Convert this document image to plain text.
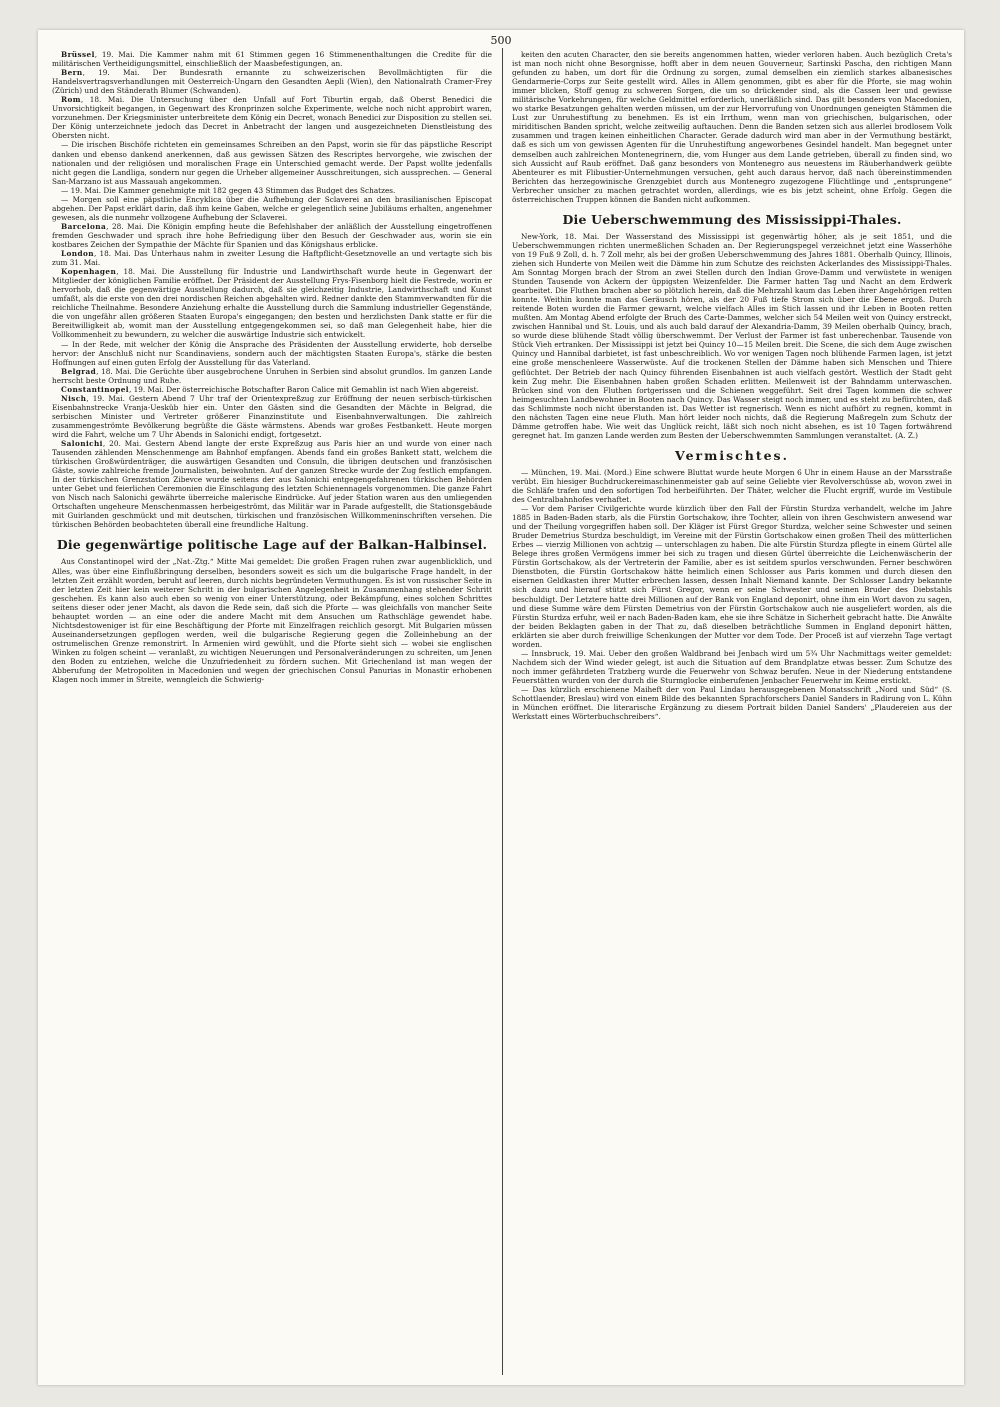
500

Brüssel, 19. Mai. Die Kammer nahm mit 61 Stimmen gegen 16 Stimmenenthaltungen die Credite für die militärischen Vertheidigungsmittel, einschließlich der Maasbefestigungen, an.

Bern, 19. Mai. Der Bundesrath ernannte zu schweizerischen Bevollmächtigten für die Handelsvertragsverhandlungen mit Oesterreich-Ungarn den Gesandten Aepli (Wien), den Nationalrath Cramer-Frey (Zürich) und den Ständerath Blumer (Schwanden).

Rom, 18. Mai. Die Untersuchung über den Unfall auf Fort Tiburtin ergab, daß Oberst Benedici die Unvorsichtigkeit begangen, in Gegenwart des Kronprinzen solche Experimente, welche noch nicht approbirt waren, vorzunehmen. Der Kriegsminister unterbreitete dem König ein Decret, wonach Benedici zur Disposition zu stellen sei. Der König unterzeichnete jedoch das Decret in Anbetracht der langen und ausgezeichneten Dienstleistung des Obersten nicht.

— Die irischen Bischöfe richteten ein gemeinsames Schreiben an den Papst, worin sie für das päpstliche Rescript danken und ebenso dankend anerkennen, daß aus gewissen Sätzen des Rescriptes hervorgehe, wie zwischen der nationalen und der religiösen und moralischen Frage ein Unterschied gemacht werde. Der Papst wollte jedenfalls nicht gegen die Landliga, sondern nur gegen die Urheber allgemeiner Ausschreitungen, sich aussprechen. — General San-Marzano ist aus Massauah angekommen.

— 19. Mai. Die Kammer genehmigte mit 182 gegen 43 Stimmen das Budget des Schatzes.

— Morgen soll eine päpstliche Encyklica über die Aufhebung der Sclaverei an den brasilianischen Episcopat abgehen. Der Papst erklärt darin, daß ihm keine Gaben, welche er gelegentlich seine Jubiläums erhalten, angenehmer gewesen, als die nunmehr vollzogene Aufhebung der Sclaverei.

Barcelona, 28. Mai. Die Königin empfing heute die Befehlshaber der anläßlich der Ausstellung eingetroffenen fremden Geschwader und sprach ihre hohe Befriedigung über den Besuch der Geschwader aus, worin sie ein kostbares Zeichen der Sympathie der Mächte für Spanien und das Königshaus erblicke.

London, 18. Mai. Das Unterhaus nahm in zweiter Lesung die Haftpflicht-Gesetznovelle an und vertagte sich bis zum 31. Mai.

Kopenhagen, 18. Mai. Die Ausstellung für Industrie und Landwirthschaft wurde heute in Gegenwart der Mitglieder der königlichen Familie eröffnet. Der Präsident der Ausstellung Frys-Fisenborg hielt die Festrede, worin er hervorhob, daß die gegenwärtige Ausstellung dadurch, daß sie gleichzeitig Industrie, Landwirthschaft und Kunst umfaßt, als die erste von den drei nordischen Reichen abgehalten wird. Redner dankte den Stammverwandten für die reichliche Theilnahme. Besondere Anziehung erhalte die Ausstellung durch die Sammlung industrieller Gegenstände, die von ungefähr allen größeren Staaten Europa's eingegangen; den besten und herzlichsten Dank statte er für die Bereitwilligkeit ab, womit man der Ausstellung entgegengekommen sei, so daß man Gelegenheit habe, hier die Vollkommenheit zu bewundern, zu welcher die auswärtige Industrie sich entwickelt.

— In der Rede, mit welcher der König die Ansprache des Präsidenten der Ausstellung erwiderte, hob derselbe hervor: der Anschluß nicht nur Scandinaviens, sondern auch der mächtigsten Staaten Europa's, stärke die besten Hoffnungen auf einen guten Erfolg der Ausstellung für das Vaterland.

Belgrad, 18. Mai. Die Gerüchte über ausgebrochene Unruhen in Serbien sind absolut grundlos. Im ganzen Lande herrscht beste Ordnung und Ruhe.

Constantinopel, 19. Mai. Der österreichische Botschafter Baron Calice mit Gemahlin ist nach Wien abgereist.

Nisch, 19. Mai. Gestern Abend 7 Uhr traf der Orientexpreßzug zur Eröffnung der neuen serbisch-türkischen Eisenbahnstrecke Vranja-Uesküb hier ein. Unter den Gästen sind die Gesandten der Mächte in Belgrad, die serbischen Minister und Vertreter größerer Finanzinstitute und Eisenbahnverwaltungen. Die zahlreich zusammengeströmte Bevölkerung begrüßte die Gäste wärmstens. Abends war großes Festbankett. Heute morgen wird die Fahrt, welche um 7 Uhr Abends in Salonichi endigt, fortgesetzt.

Salonichi, 20. Mai. Gestern Abend langte der erste Expreßzug aus Paris hier an und wurde von einer nach Tausenden zählenden Menschenmenge am Bahnhof empfangen. Abends fand ein großes Bankett statt, welchem die türkischen Großwürdenträger, die auswärtigen Gesandten und Consuln, die übrigen deutschen und französischen Gäste, sowie zahlreiche fremde Journalisten, beiwohnten. Auf der ganzen Strecke wurde der Zug festlich empfangen. In der türkischen Grenzstation Zibevce wurde seitens der aus Salonichi entgegengefahrenen türkischen Behörden unter Gebet und feierlichen Ceremonien die Einschlagung des letzten Schienennagels vorgenommen. Die ganze Fahrt von Nisch nach Salonichi gewährte überreiche malerische Eindrücke. Auf jeder Station waren aus den umliegenden Ortschaften ungeheure Menschenmassen herbeigeströmt, das Militär war in Parade aufgestellt, die Stationsgebäude mit Guirlanden geschmückt und mit deutschen, türkischen und französischen Willkommeninschriften versehen. Die türkischen Behörden beobachteten überall eine freundliche Haltung.

Die gegenwärtige politische Lage auf der Balkan-Halbinsel.

Aus Constantinopel wird der „Nat.-Ztg.“ Mitte Mai gemeldet: Die großen Fragen ruhen zwar augenblicklich, und Alles, was über eine Einflußbringung derselben, besonders soweit es sich um die bulgarische Frage handelt, in der letzten Zeit erzählt worden, beruht auf leeren, durch nichts begründeten Vermuthungen. Es ist von russischer Seite in der letzten Zeit hier kein weiterer Schritt in der bulgarischen Angelegenheit in Zusammenhang stehender Schritt geschehen. Es kann also auch eben so wenig von einer Unterstützung, oder Bekämpfung, eines solchen Schrittes seitens dieser oder jener Macht, als davon die Rede sein, daß sich die Pforte — was gleichfalls von mancher Seite behauptet worden — an eine oder die andere Macht mit dem Ansuchen um Rathschläge gewendet habe. Nichtsdestoweniger ist für eine Beschäftigung der Pforte mit Einzelfragen reichlich gesorgt. Mit Bulgarien müssen Auseinandersetzungen gepflogen werden, weil die bulgarische Regierung gegen die Zolleinhebung an der ostrumelischen Grenze remonstrirt. In Armenien wird gewühlt, und die Pforte sieht sich — wobei sie englischen Winken zu folgen scheint — veranlaßt, zu wichtigen Neuerungen und Personalveränderungen zu schreiten, um Jenen den Boden zu entziehen, welche die Unzufriedenheit zu fördern suchen. Mit Griechenland ist man wegen der Abberufung der Metropoliten in Macedonien und wegen der griechischen Consul Panurias in Monastir erhobenen Klagen noch immer in Streite, wenngleich die Schwierig-

keiten den acuten Character, den sie bereits angenommen hatten, wieder verloren haben. Auch bezüglich Creta's ist man noch nicht ohne Besorgnisse, hofft aber in dem neuen Gouverneur, Sartinski Pascha, den richtigen Mann gefunden zu haben, um dort für die Ordnung zu sorgen, zumal demselben ein ziemlich starkes albanesisches Gendarmerie-Corps zur Seite gestellt wird. Alles in Allem genommen, gibt es aber für die Pforte, sie mag wohin immer blicken, Stoff genug zu schweren Sorgen, die um so drückender sind, als die Cassen leer und gewisse militärische Vorkehrungen, für welche Geldmittel erforderlich, unerläßlich sind. Das gilt besonders von Macedonien, wo starke Besatzungen gehalten werden müssen, um der zur Hervorrufung von Unordnungen geneigten Stämmen die Lust zur Unruhestiftung zu benehmen. Es ist ein Irrthum, wenn man von griechischen, bulgarischen, oder miriditischen Banden spricht, welche zeitweilig auftauchen. Denn die Banden setzen sich aus allerlei brodlosem Volk zusammen und tragen keinen einheitlichen Character. Gerade dadurch wird man aber in der Vermuthung bestärkt, daß es sich um von gewissen Agenten für die Unruhestiftung angeworbenes Gesindel handelt. Man begegnet unter demselben auch zahlreichen Montenegrinern, die, vom Hunger aus dem Lande getrieben, überall zu finden sind, wo sich Aussicht auf Raub eröffnet. Daß ganz besonders von Montenegro aus neuestens im Räuberhandwerk geübte Abenteurer es mit Flibustier-Unternehmungen versuchen, geht auch daraus hervor, daß nach übereinstimmenden Berichten das herzegowinische Grenzgebiet durch aus Montenegro zugezogene Flüchtlinge und „entsprungene“ Verbrecher unsicher zu machen getrachtet worden, allerdings, wie es bis jetzt scheint, ohne Erfolg. Gegen die österreichischen Truppen können die Banden nicht aufkommen.

Die Ueberschwemmung des Mississippi-Thales.

New-York, 18. Mai. Der Wasserstand des Mississippi ist gegenwärtig höher, als je seit 1851, und die Ueberschwemmungen richten unermeßlichen Schaden an. Der Regierungspegel verzeichnet jetzt eine Wasserhöhe von 19 Fuß 9 Zoll, d. h. 7 Zoll mehr, als bei der großen Ueberschwemmung des Jahres 1881. Oberhalb Quincy, Illinois, ziehen sich Hunderte von Meilen weit die Dämme hin zum Schutze des reichsten Ackerlandes des Mississippi-Thales. Am Sonntag Morgen brach der Strom an zwei Stellen durch den Indian Grove-Damm und verwüstete in wenigen Stunden Tausende von Ackern der üppigsten Weizenfelder. Die Farmer hatten Tag und Nacht an dem Erdwerk gearbeitet. Die Fluthen brachen aber so plötzlich herein, daß die Mehrzahl kaum das Leben ihrer Angehörigen retten konnte. Weithin konnte man das Geräusch hören, als der 20 Fuß tiefe Strom sich über die Ebene ergoß. Durch reitende Boten wurden die Farmer gewarnt, welche vielfach Alles im Stich lassen und ihr Leben in Booten retten mußten. Am Montag Abend erfolgte der Bruch des Carte-Dammes, welcher sich 54 Meilen weit von Quincy erstreckt, zwischen Hannibal und St. Louis, und als auch bald darauf der Alexandria-Damm, 39 Meilen oberhalb Quincy, brach, so wurde diese blühende Stadt völlig überschwemmt. Der Verlust der Farmer ist fast unberechenbar. Tausende von Stück Vieh ertranken. Der Mississippi ist jetzt bei Quincy 10—15 Meilen breit. Die Scene, die sich dem Auge zwischen Quincy und Hannibal darbietet, ist fast unbeschreiblich. Wo vor wenigen Tagen noch blühende Farmen lagen, ist jetzt eine große menschenleere Wasserwüste. Auf die trockenen Stellen der Dämme haben sich Menschen und Thiere geflüchtet. Der Betrieb der nach Quincy führenden Eisenbahnen ist auch vielfach gestört. Westlich der Stadt geht kein Zug mehr. Die Eisenbahnen haben großen Schaden erlitten. Meilenweit ist der Bahndamm unterwaschen. Brücken sind von den Fluthen fortgerissen und die Schienen weggeführt. Seit drei Tagen kommen die schwer heimgesuchten Landbewohner in Booten nach Quincy. Das Wasser steigt noch immer, und es steht zu befürchten, daß das Schlimmste noch nicht überstanden ist. Das Wetter ist regnerisch. Wenn es nicht aufhört zu regnen, kommt in den nächsten Tagen eine neue Fluth. Man hört leider noch nichts, daß die Regierung Maßregeln zum Schutz der Dämme getroffen habe. Wie weit das Unglück reicht, läßt sich noch nicht absehen, es ist 10 Tagen fortwährend geregnet hat. Im ganzen Lande werden zum Besten der Ueberschwemmten Sammlungen veranstaltet. (A. Z.)

Vermischtes.

— München, 19. Mai. (Mord.) Eine schwere Bluttat wurde heute Morgen 6 Uhr in einem Hause an der Marsstraße verübt. Ein hiesiger Buchdruckereimaschinenmeister gab auf seine Geliebte vier Revolverschüsse ab, wovon zwei in die Schläfe trafen und den sofortigen Tod herbeiführten. Der Thäter, welcher die Flucht ergriff, wurde im Vestibule des Centralbahnhofes verhaftet.

— Vor dem Pariser Civilgerichte wurde kürzlich über den Fall der Fürstin Sturdza verhandelt, welche im Jahre 1885 in Baden-Baden starb, als die Fürstin Gortschakow, ihre Tochter, allein von ihren Geschwistern anwesend war und der Theilung vorgegriffen haben soll. Der Kläger ist Fürst Gregor Sturdza, welcher seine Schwester und seinen Bruder Demetrius Sturdza beschuldigt, im Vereine mit der Fürstin Gortschakow einen großen Theil des mütterlichen Erbes — vierzig Millionen von achtzig — unterschlagen zu haben. Die alte Fürstin Sturdza pflegte in einem Gürtel alle Belege ihres großen Vermögens immer bei sich zu tragen und diesen Gürtel überreichte die Leichenwäscherin der Fürstin Gortschakow, als der Vertreterin der Familie, aber es ist seitdem spurlos verschwunden. Ferner beschwören Dienstboten, die Fürstin Gortschakow hätte heimlich einen Schlosser aus Paris kommen und durch diesen den eisernen Geldkasten ihrer Mutter erbrechen lassen, dessen Inhalt Niemand kannte. Der Schlosser Landry bekannte sich dazu und hierauf stützt sich Fürst Gregor, wenn er seine Schwester und seinen Bruder des Diebstahls beschuldigt. Der Letztere hatte drei Millionen auf der Bank von England deponirt, ohne ihm ein Wort davon zu sagen, und diese Summe wäre dem Fürsten Demetrius von der Fürstin Gortschakow auch nie ausgeliefert worden, als die Fürstin Sturdza erfuhr, weil er nach Baden-Baden kam, ehe sie ihre Schätze in Sicherheit gebracht hatte. Die Anwälte der beiden Beklagten gaben in der That zu, daß dieselben beträchtliche Summen in England deponirt hätten, erklärten sie aber durch freiwillige Schenkungen der Mutter vor dem Tode. Der Proceß ist auf vierzehn Tage vertagt worden.

— Innsbruck, 19. Mai. Ueber den großen Waldbrand bei Jenbach wird um 5¾ Uhr Nachmittags weiter gemeldet: Nachdem sich der Wind wieder gelegt, ist auch die Situation auf dem Brandplatze etwas besser. Zum Schutze des noch immer gefährdeten Tratzberg wurde die Feuerwehr von Schwaz berufen. Neue in der Niederung entstandene Feuerstätten wurden von der durch die Sturmglocke einberufenen Jenbacher Feuerwehr im Keime erstickt.

— Das kürzlich erschienene Maiheft der von Paul Lindau herausgegebenen Monatsschrift „Nord und Süd“ (S. Schottlaender, Breslau) wird von einem Bilde des bekannten Sprachforschers Daniel Sanders in Radirung von L. Kühn in München eröffnet. Die literarische Ergänzung zu diesem Portrait bilden Daniel Sanders' „Plaudereien aus der Werkstatt eines Wörterbuchschreibers“.
